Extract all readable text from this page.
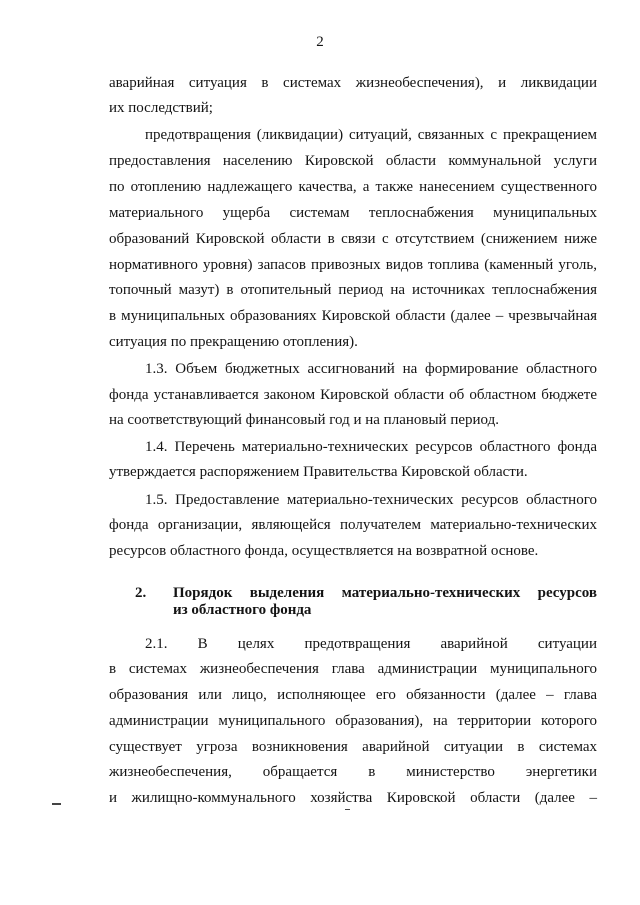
2
аварийная ситуация в системах жизнеобеспечения), и ликвидации
их последствий;
предотвращения (ликвидации) ситуаций, связанных с прекращением
предоставления населению Кировской области коммунальной услуги
по отоплению надлежащего качества, а также нанесением существенного
материального ущерба системам теплоснабжения муниципальных
образований Кировской области в связи с отсутствием (снижением ниже
нормативного уровня) запасов привозных видов топлива (каменный уголь,
топочный мазут) в отопительный период на источниках теплоснабжения
в муниципальных образованиях Кировской области (далее – чрезвычайная
ситуация по прекращению отопления).
1.3. Объем бюджетных ассигнований на формирование областного
фонда устанавливается законом Кировской области об областном бюджете
на соответствующий финансовый год и на плановый период.
1.4. Перечень материально-технических ресурсов областного фонда
утверждается распоряжением Правительства Кировской области.
1.5. Предоставление материально-технических ресурсов областного
фонда организации, являющейся получателем материально-технических
ресурсов областного фонда, осуществляется на возвратной основе.
2. Порядок выделения материально-технических ресурсов
из областного фонда
2.1. В целях предотвращения аварийной ситуации
в системах жизнеобеспечения глава администрации муниципального
образования или лицо, исполняющее его обязанности (далее – глава
администрации муниципального образования), на территории которого
существует угроза возникновения аварийной ситуации в системах
жизнеобеспечения, обращается в министерство энергетики
и жилищно-коммунального хозяйства Кировской области (далее –
